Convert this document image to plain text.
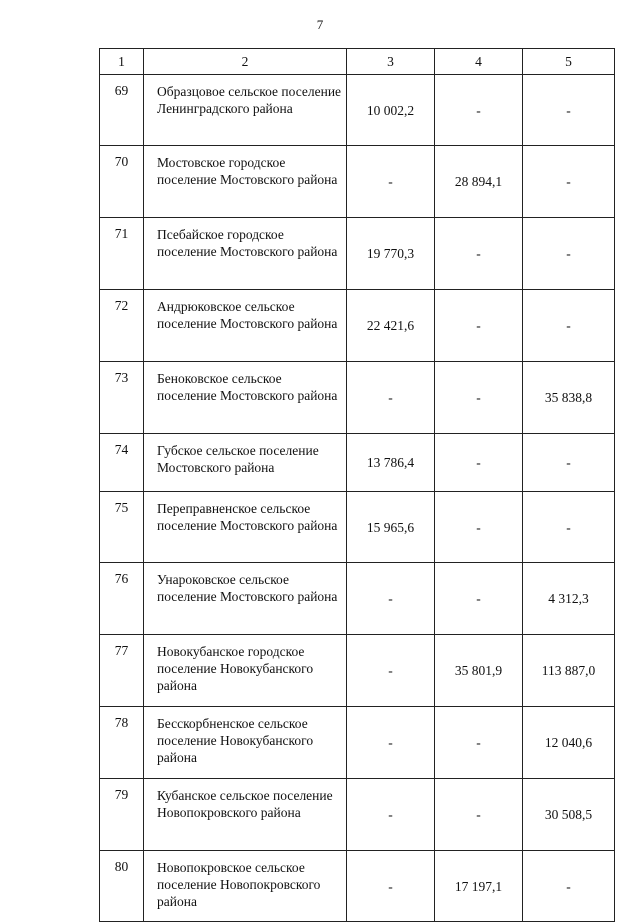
7
1	2	3	4	5
69	Образцовое сельское поселение Ленинградского района	10 002,2	-	-
70	Мостовское городское поселение Мостовского района	-	28 894,1	-
71	Псебайское городское поселение Мостовского района	19 770,3	-	-
72	Андрюковское сельское поселение Мостовского района	22 421,6	-	-
73	Беноковское сельское поселение Мостовского района	-	-	35 838,8
74	Губское сельское поселение Мостовского района	13 786,4	-	-
75	Переправненское сельское поселение Мостовского района	15 965,6	-	-
76	Унароковское сельское поселение Мостовского района	-	-	4 312,3
77	Новокубанское городское поселение Новокубанского района	-	35 801,9	113 887,0
78	Бесскорбненское сельское поселение Новокубанского района	-	-	12 040,6
79	Кубанское сельское поселение Новопокровского района	-	-	30 508,5
80	Новопокровское сельское поселение Новопокровского района	-	17 197,1	-
